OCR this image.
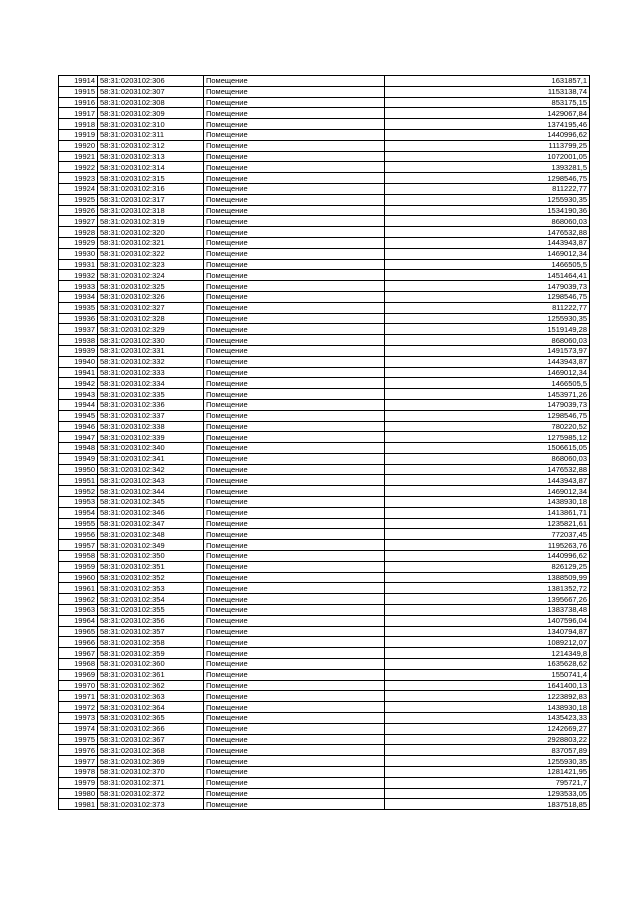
19914	58:31:0203102:306	Помещение	1631857,1
19915	58:31:0203102:307	Помещение	1153138,74
19916	58:31:0203102:308	Помещение	853175,15
19917	58:31:0203102:309	Помещение	1429067,84
19918	58:31:0203102:310	Помещение	1374195,46
19919	58:31:0203102:311	Помещение	1440996,62
19920	58:31:0203102:312	Помещение	1113799,25
19921	58:31:0203102:313	Помещение	1072001,05
19922	58:31:0203102:314	Помещение	1393281,5
19923	58:31:0203102:315	Помещение	1298546,75
19924	58:31:0203102:316	Помещение	811222,77
19925	58:31:0203102:317	Помещение	1255930,35
19926	58:31:0203102:318	Помещение	1534190,36
19927	58:31:0203102:319	Помещение	868060,03
19928	58:31:0203102:320	Помещение	1476532,88
19929	58:31:0203102:321	Помещение	1443943,87
19930	58:31:0203102:322	Помещение	1469012,34
19931	58:31:0203102:323	Помещение	1466505,5
19932	58:31:0203102:324	Помещение	1451464,41
19933	58:31:0203102:325	Помещение	1479039,73
19934	58:31:0203102:326	Помещение	1298546,75
19935	58:31:0203102:327	Помещение	811222,77
19936	58:31:0203102:328	Помещение	1255930,35
19937	58:31:0203102:329	Помещение	1519149,28
19938	58:31:0203102:330	Помещение	868060,03
19939	58:31:0203102:331	Помещение	1491573,97
19940	58:31:0203102:332	Помещение	1443943,87
19941	58:31:0203102:333	Помещение	1469012,34
19942	58:31:0203102:334	Помещение	1466505,5
19943	58:31:0203102:335	Помещение	1453971,26
19944	58:31:0203102:336	Помещение	1479039,73
19945	58:31:0203102:337	Помещение	1298546,75
19946	58:31:0203102:338	Помещение	780220,52
19947	58:31:0203102:339	Помещение	1275985,12
19948	58:31:0203102:340	Помещение	1506615,05
19949	58:31:0203102:341	Помещение	868060,03
19950	58:31:0203102:342	Помещение	1476532,88
19951	58:31:0203102:343	Помещение	1443943,87
19952	58:31:0203102:344	Помещение	1469012,34
19953	58:31:0203102:345	Помещение	1438930,18
19954	58:31:0203102:346	Помещение	1413861,71
19955	58:31:0203102:347	Помещение	1235821,61
19956	58:31:0203102:348	Помещение	772037,45
19957	58:31:0203102:349	Помещение	1195263,76
19958	58:31:0203102:350	Помещение	1440996,62
19959	58:31:0203102:351	Помещение	826129,25
19960	58:31:0203102:352	Помещение	1388509,99
19961	58:31:0203102:353	Помещение	1381352,72
19962	58:31:0203102:354	Помещение	1395667,26
19963	58:31:0203102:355	Помещение	1383738,48
19964	58:31:0203102:356	Помещение	1407596,04
19965	58:31:0203102:357	Помещение	1340794,87
19966	58:31:0203102:358	Помещение	1089212,07
19967	58:31:0203102:359	Помещение	1214349,8
19968	58:31:0203102:360	Помещение	1635628,62
19969	58:31:0203102:361	Помещение	1550741,4
19970	58:31:0203102:362	Помещение	1641400,13
19971	58:31:0203102:363	Помещение	1223892,83
19972	58:31:0203102:364	Помещение	1438930,18
19973	58:31:0203102:365	Помещение	1435423,33
19974	58:31:0203102:366	Помещение	1242669,27
19975	58:31:0203102:367	Помещение	2928803,22
19976	58:31:0203102:368	Помещение	837057,89
19977	58:31:0203102:369	Помещение	1255930,35
19978	58:31:0203102:370	Помещение	1281421,95
19979	58:31:0203102:371	Помещение	795721,7
19980	58:31:0203102:372	Помещение	1293533,05
19981	58:31:0203102:373	Помещение	1837518,85
